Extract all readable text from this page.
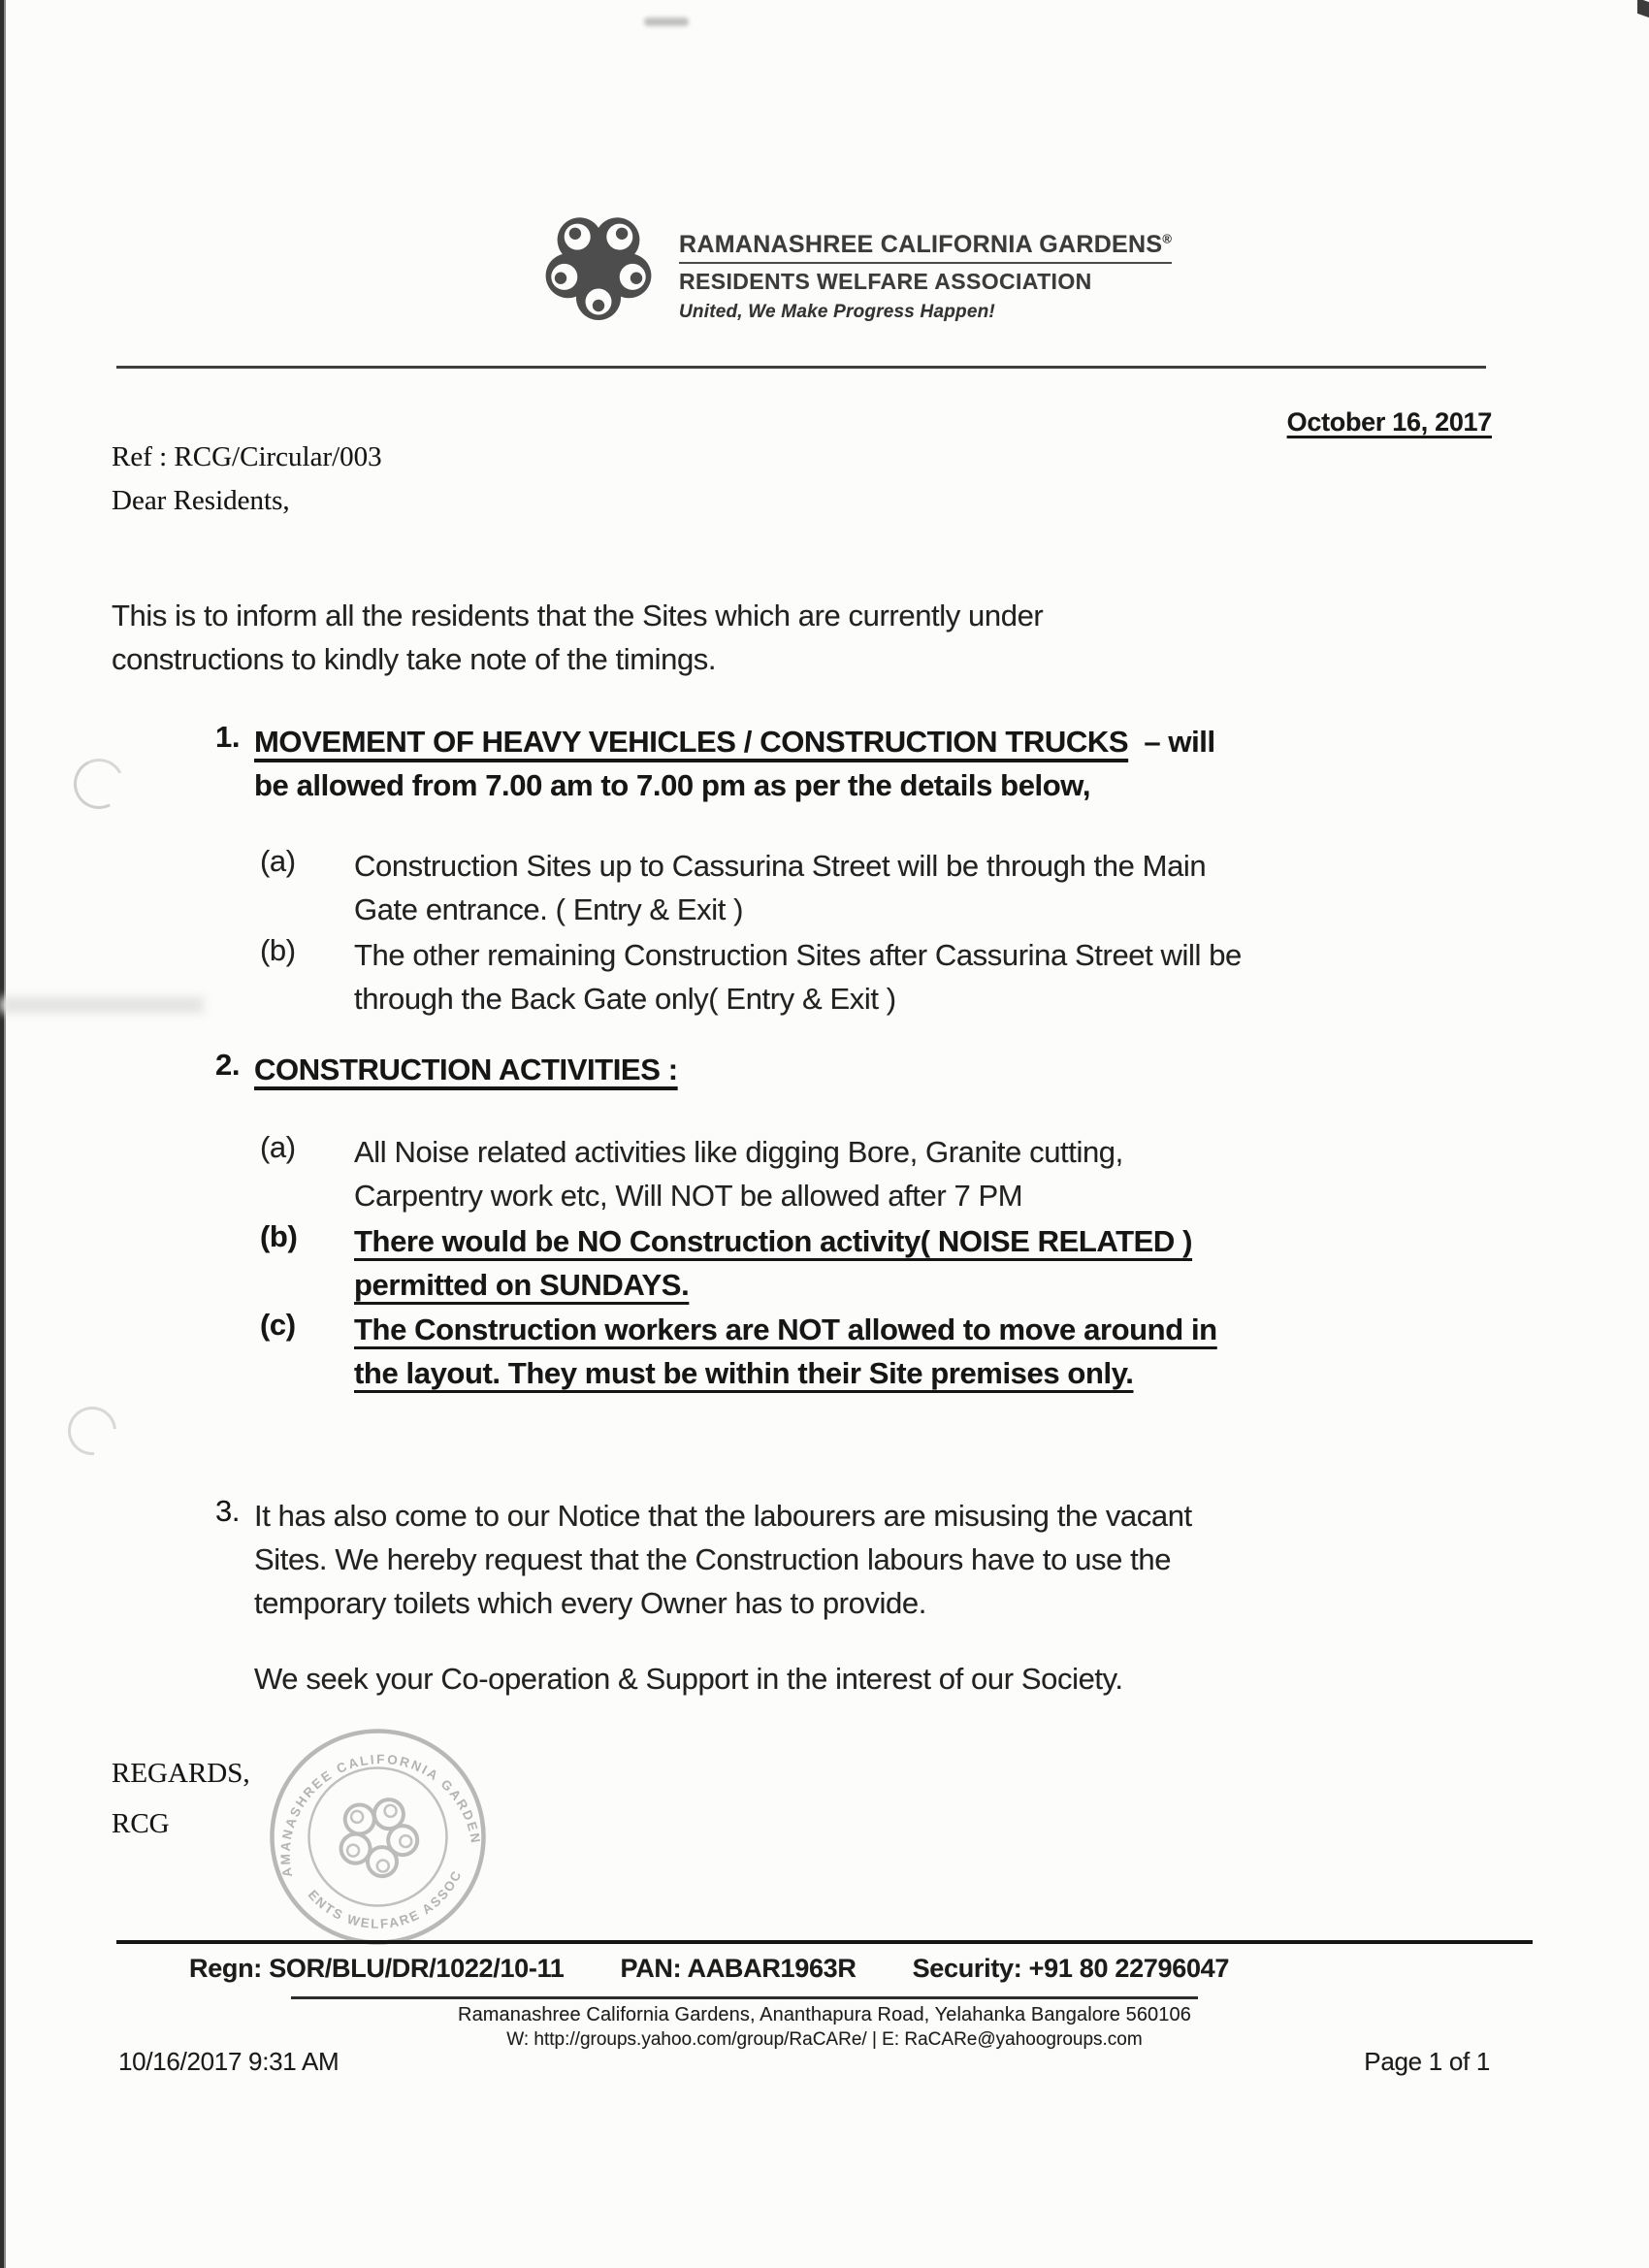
RAMANASHREE CALIFORNIA GARDENS®
RESIDENTS WELFARE ASSOCIATION
United, We Make Progress Happen!
October 16, 2017
Ref : RCG/Circular/003
Dear Residents,
This is to inform all the residents that the Sites which are currently under
constructions to kindly take note of the timings.
1. MOVEMENT OF HEAVY VEHICLES / CONSTRUCTION TRUCKS – will
be allowed from 7.00 am to 7.00 pm as per the details below,
(a) Construction Sites up to Cassurina Street will be through the Main
Gate entrance. ( Entry & Exit )
(b) The other remaining Construction Sites after Cassurina Street will be
through the Back Gate only( Entry & Exit )
2. CONSTRUCTION ACTIVITIES :
(a) All Noise related activities like digging Bore, Granite cutting,
Carpentry work etc, Will NOT be allowed after 7 PM
(b) There would be NO Construction activity( NOISE RELATED )
permitted on SUNDAYS.
(c) The Construction workers are NOT allowed to move around in
the layout. They must be within their Site premises only.
3. It has also come to our Notice that the labourers are misusing the vacant
Sites. We hereby request that the Construction labours have to use the
temporary toilets which every Owner has to provide.
We seek your Co-operation & Support in the interest of our Society.
REGARDS,
RCG
RAMANASHREE CALIFORNIA GARDENS
RESIDENTS WELFARE ASSOCIATION
Regn: SOR/BLU/DR/1022/10-11 PAN: AABAR1963R Security: +91 80 22796047
Ramanashree California Gardens, Ananthapura Road, Yelahanka Bangalore 560106
W: http://groups.yahoo.com/group/RaCARe/ | E: RaCARe@yahoogroups.com
10/16/2017 9:31 AM	Page 1 of 1
